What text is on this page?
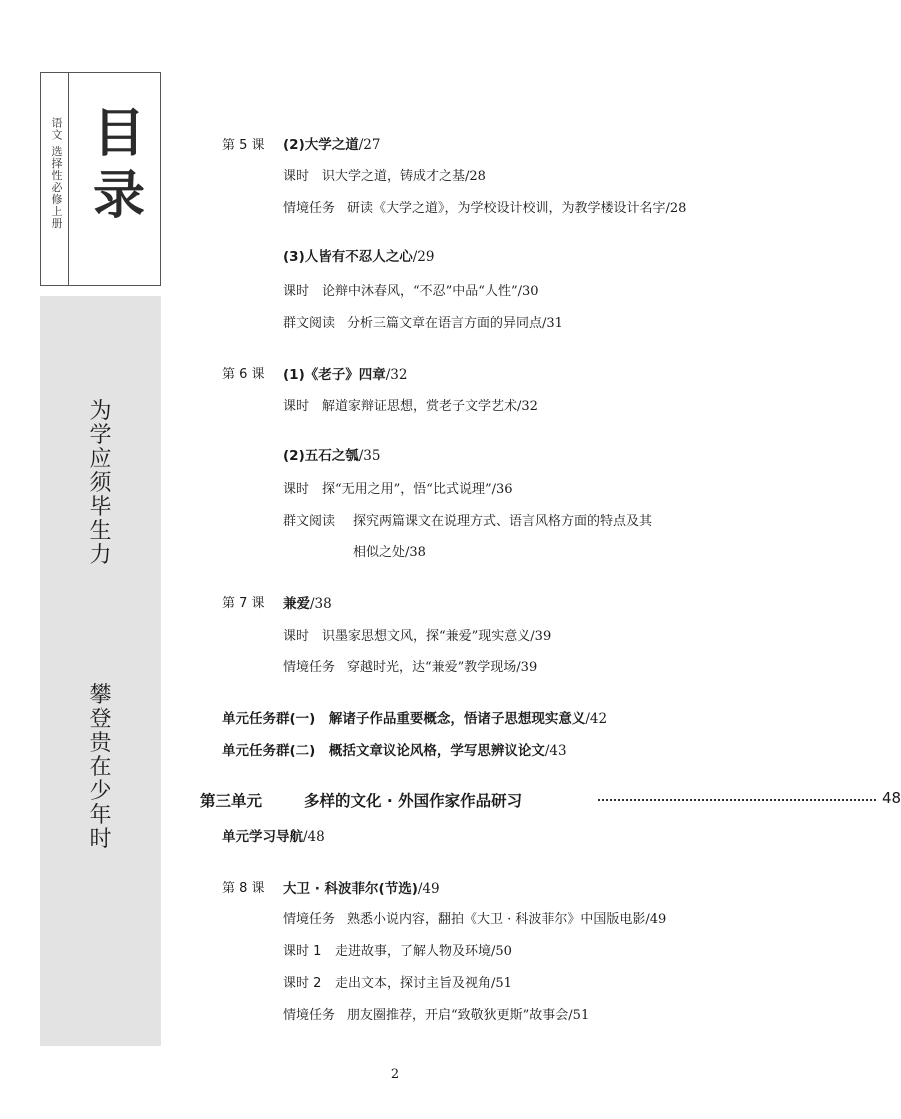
语文 选择性必修上册 目
录
为
学
应
须
毕
生
力
攀
登
贵
在
少
年
时
第 5 课 (2)大学之道/27
课时 识大学之道，铸成才之基/28
情境任务 研读《大学之道》，为学校设计校训，为教学楼设计名字/28
(3)人皆有不忍人之心/29
课时 论辩中沐春风，“不忍”中品“人性”/30
群文阅读 分析三篇文章在语言方面的异同点/31
第 6 课 (1)《老子》四章/32
课时 解道家辩证思想，赏老子文学艺术/32
(2)五石之瓠/35
课时 探“无用之用”，悟“比式说理”/36
群文阅读 探究两篇课文在说理方式、语言风格方面的特点及其
相似之处/38
第 7 课 兼爱/38
课时 识墨家思想文风，探“兼爱”现实意义/39
情境任务 穿越时光，达“兼爱”教学现场/39
单元任务群(一)　解诸子作品重要概念，悟诸子思想现实意义/42
单元任务群(二)　概括文章议论风格，学写思辨议论文/43
第三单元	多样的文化 · 外国作家作品研习	48
单元学习导航/48
第 8 课 大卫 · 科波菲尔(节选)/49
情境任务 熟悉小说内容，翻拍《大卫 · 科波菲尔》中国版电影/49
课时 1 走进故事，了解人物及环境/50
课时 2 走出文本，探讨主旨及视角/51
情境任务 朋友圈推荐，开启“致敬狄更斯”故事会/51
2
